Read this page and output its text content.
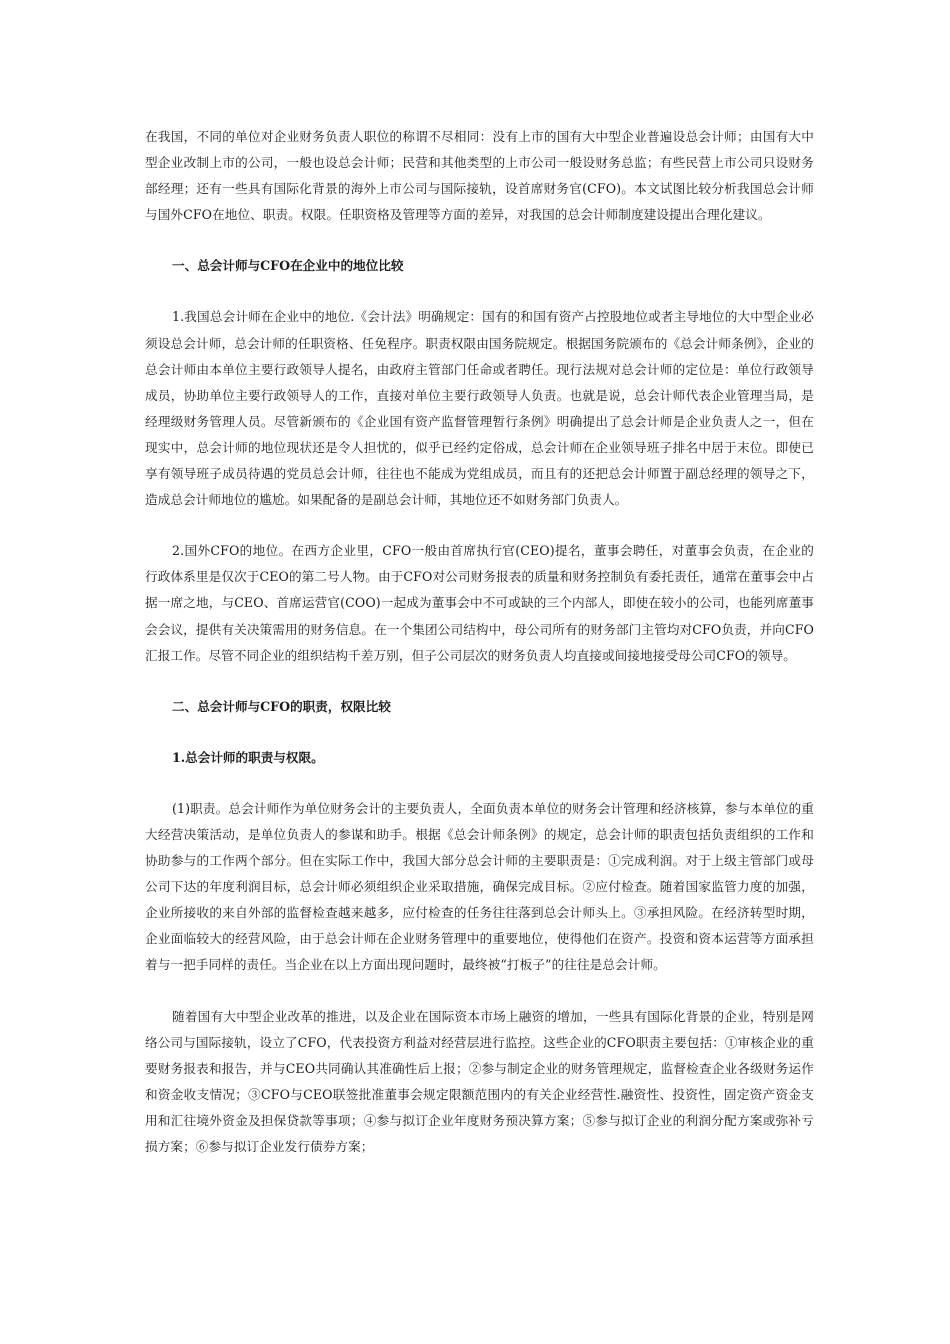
在我国，不同的单位对企业财务负责人职位的称谓不尽相同：没有上市的国有大中型企业普遍设总会计师；由国有大中型企业改制上市的公司，一般也设总会计师；民营和其他类型的上市公司一般设财务总监；有些民营上市公司只设财务部经理；还有一些具有国际化背景的海外上市公司与国际接轨，设首席财务官(CFO)。本文试图比较分析我国总会计师与国外CFO在地位、职责。权限。任职资格及管理等方面的差异，对我国的总会计师制度建设提出合理化建议。

一、总会计师与CFO在企业中的地位比较

1.我国总会计师在企业中的地位.《会计法》明确规定：国有的和国有资产占控股地位或者主导地位的大中型企业必须设总会计师，总会计师的任职资格、任免程序。职责权限由国务院规定。根据国务院颁布的《总会计师条例》，企业的总会计师由本单位主要行政领导人提名，由政府主管部门任命或者聘任。现行法规对总会计师的定位是：单位行政领导成员，协助单位主要行政领导人的工作，直接对单位主要行政领导人负责。也就是说，总会计师代表企业管理当局，是经理级财务管理人员。尽管新颁布的《企业国有资产监督管理暂行条例》明确提出了总会计师是企业负责人之一，但在现实中，总会计师的地位现状还是令人担忧的，似乎已经约定俗成，总会计师在企业领导班子排名中居于末位。即使已享有领导班子成员待遇的党员总会计师，往往也不能成为党组成员，而且有的还把总会计师置于副总经理的领导之下，造成总会计师地位的尴尬。如果配备的是副总会计师，其地位还不如财务部门负责人。

2.国外CFO的地位。在西方企业里，CFO一般由首席执行官(CEO)提名，董事会聘任，对董事会负责，在企业的行政体系里是仅次于CEO的第二号人物。由于CFO对公司财务报表的质量和财务控制负有委托责任，通常在董事会中占据一席之地，与CEO、首席运营官(COO)一起成为董事会中不可或缺的三个内部人，即使在较小的公司，也能列席董事会会议，提供有关决策需用的财务信息。在一个集团公司结构中，母公司所有的财务部门主管均对CFO负责，并向CFO汇报工作。尽管不同企业的组织结构千差万别，但子公司层次的财务负责人均直接或间接地接受母公司CFO的领导。

二、总会计师与CFO的职责，权限比较

1.总会计师的职责与权限。

(1)职责。总会计师作为单位财务会计的主要负责人，全面负责本单位的财务会计管理和经济核算，参与本单位的重大经营决策活动，是单位负责人的参谋和助手。根据《总会计师条例》的规定，总会计师的职责包括负责组织的工作和协助参与的工作两个部分。但在实际工作中，我国大部分总会计师的主要职责是：①完成利润。对于上级主管部门或母公司下达的年度利润目标，总会计师必须组织企业采取措施，确保完成目标。②应付检查。随着国家监管力度的加强，企业所接收的来自外部的监督检查越来越多，应付检查的任务往往落到总会计师头上。③承担风险。在经济转型时期，企业面临较大的经营风险，由于总会计师在企业财务管理中的重要地位，使得他们在资产。投资和资本运营等方面承担着与一把手同样的责任。当企业在以上方面出现问题时，最终被“打板子”的往往是总会计师。

随着国有大中型企业改革的推进，以及企业在国际资本市场上融资的增加，一些具有国际化背景的企业，特别是网络公司与国际接轨，设立了CFO，代表投资方利益对经营层进行监控。这些企业的CFO职责主要包括：①审核企业的重要财务报表和报告，并与CEO共同确认其准确性后上报；②参与制定企业的财务管理规定，监督检查企业各级财务运作和资金收支情况；③CFO与CEO联签批准董事会规定限额范围内的有关企业经营性.融资性、投资性，固定资产资金支用和汇往境外资金及担保贷款等事项；④参与拟订企业年度财务预决算方案；⑤参与拟订企业的利润分配方案或弥补亏损方案；⑥参与拟订企业发行债券方案；
